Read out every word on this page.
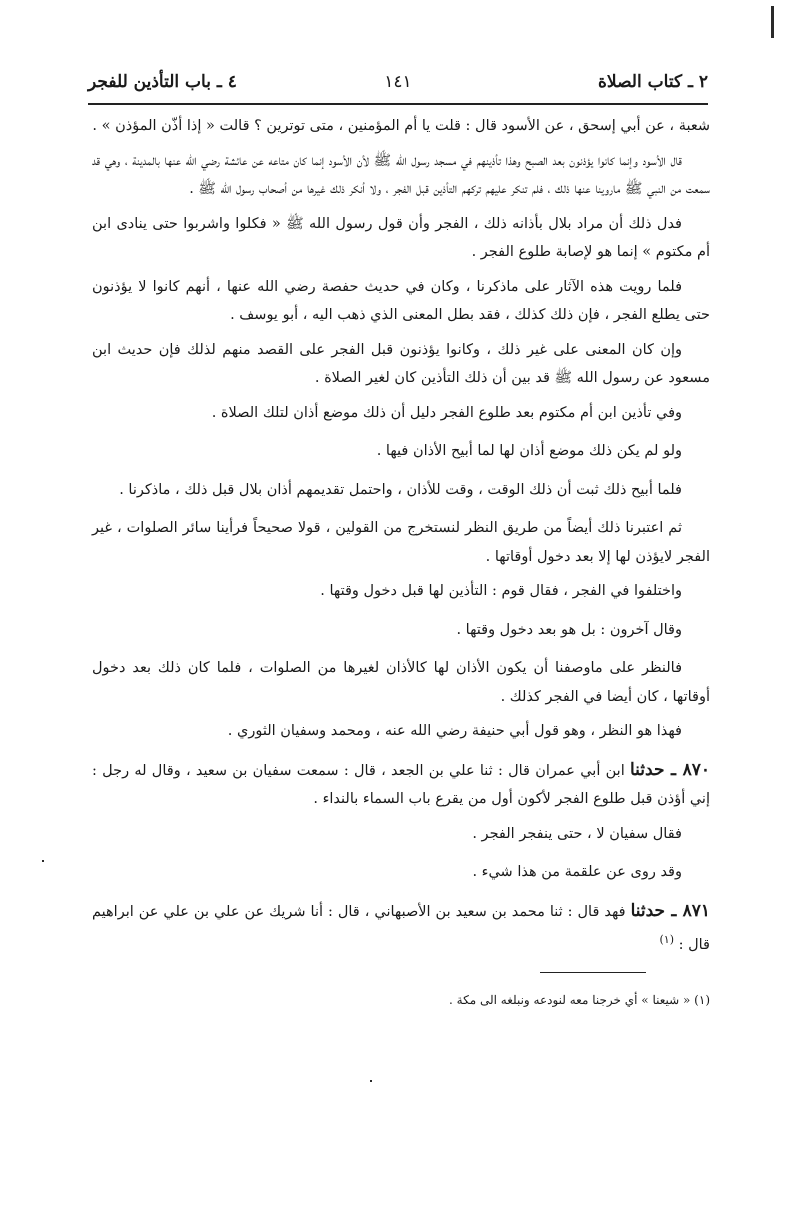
٢ ـ كتاب الصلاة
١٤١
٤ ـ باب التأذين للفجر

شعبة ، عن أبي إسحق ، عن الأسود قال : قلت يا أم المؤمنين ، متى توترين ؟ قالت « إذا أذّن المؤذن » .

قال الأسود وإنما كانوا يؤذنون بعد الصبح وهذا تأذينهم في مسجد رسول الله ﷺ لأن الأسود إنما كان متاعه عن عائشة رضي الله عنها بالمدينة ، وهي قد سمعت من النبي ﷺ ماروينا عنها ذلك ، فلم تنكر عليهم تركهم التأذين قبل الفجر ، ولا أنكر ذلك غيرها من أصحاب رسول الله ﷺ .

فدل ذلك أن مراد بلال بأذانه ذلك ، الفجر وأن قول رسول الله ﷺ « فكلوا واشربوا حتى ينادى ابن أم مكتوم » إنما هو لإصابة طلوع الفجر .

فلما رويت هذه الآثار على ماذكرنا ، وكان في حديث حفصة رضي الله عنها ، أنهم كانوا لا يؤذنون حتى يطلع الفجر ، فإن ذلك كذلك ، فقد بطل المعنى الذي ذهب اليه ، أبو يوسف .

وإن كان المعنى على غير ذلك ، وكانوا يؤذنون قبل الفجر على القصد منهم لذلك فإن حديث ابن مسعود عن رسول الله ﷺ قد بين أن ذلك التأذين كان لغير الصلاة .

وفي تأذين ابن أم مكتوم بعد طلوع الفجر دليل أن ذلك موضع أذان لتلك الصلاة .

ولو لم يكن ذلك موضع أذان لها لما أبيح الأذان فيها .

فلما أبيح ذلك ثبت أن ذلك الوقت ، وقت للأذان ، واحتمل تقديمهم أذان بلال قبل ذلك ، ماذكرنا .

ثم اعتبرنا ذلك أيضاً من طريق النظر لنستخرج من القولين ، قولا صحيحاً فرأينا سائر الصلوات ، غير الفجر لايؤذن لها إلا بعد دخول أوقاتها .

واختلفوا في الفجر ، فقال قوم : التأذين لها قبل دخول وقتها .

وقال آخرون : بل هو بعد دخول وقتها .

فالنظر على ماوصفنا أن يكون الأذان لها كالأذان لغيرها من الصلوات ، فلما كان ذلك بعد دخول أوقاتها ، كان أيضا في الفجر كذلك .

فهذا هو النظر ، وهو قول أبي حنيفة رضي الله عنه ، ومحمد وسفيان الثوري .

٨٧٠ ـ حدثنا ابن أبي عمران قال : ثنا علي بن الجعد ، قال : سمعت سفيان بن سعيد ، وقال له رجل : إني أؤذن قبل طلوع الفجر لأكون أول من يقرع باب السماء بالنداء .

فقال سفيان لا ، حتى ينفجر الفجر .

وقد روى عن علقمة من هذا شيء .

٨٧١ ـ حدثنا فهد قال : ثنا محمد بن سعيد بن الأصبهاني ، قال : أنا شريك عن علي بن علي عن ابراهيم قال : $^{(١)}$

(١) « شيعنا » أي خرجنا معه لنودعه ونبلغه الى مكة .
